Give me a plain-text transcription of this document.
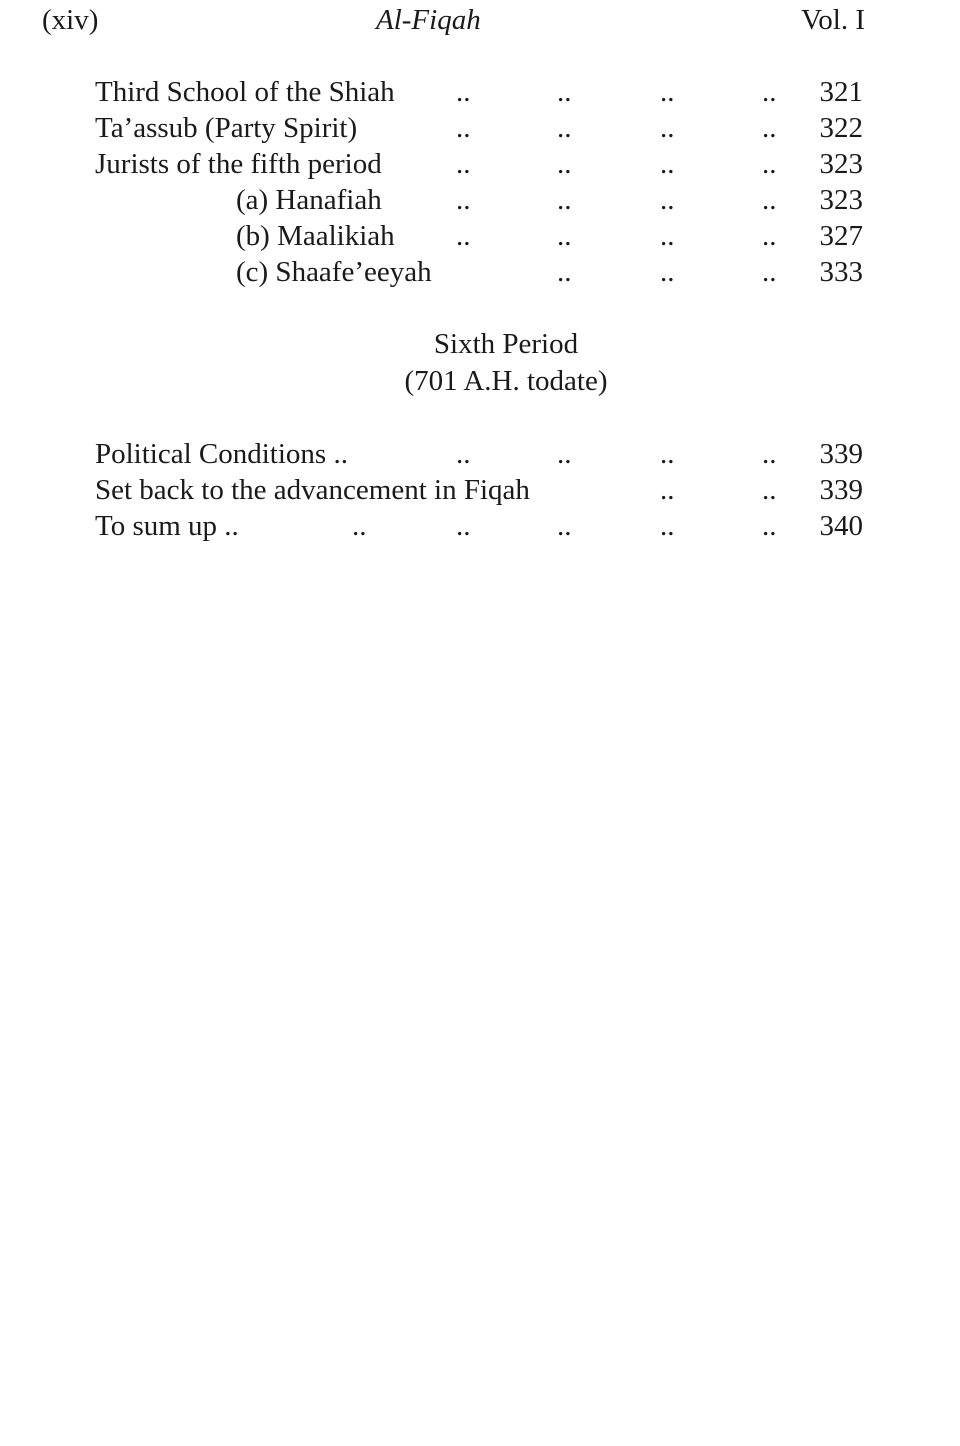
(xiv)	Al-Fiqah	Vol. I
Third School of the Shiah ..	..	..	.. 321
Ta’assub (Party Spirit)	..	..	..	.. 322
Jurists of the fifth period	..	..	..	.. 323
(a) Hanafiah	..	..	..	.. 323
(b) Maalikiah ..	..	..	.. 327
(c) Shaafe’eeyah	..	..	.. 333
Sixth Period
(701 A.H. todate)
Political Conditions ..	..	..	..	.. 339
Set back to the advancement in Fiqah	..	.. 339
To sum up ..	..	..	..	..	.. 340
